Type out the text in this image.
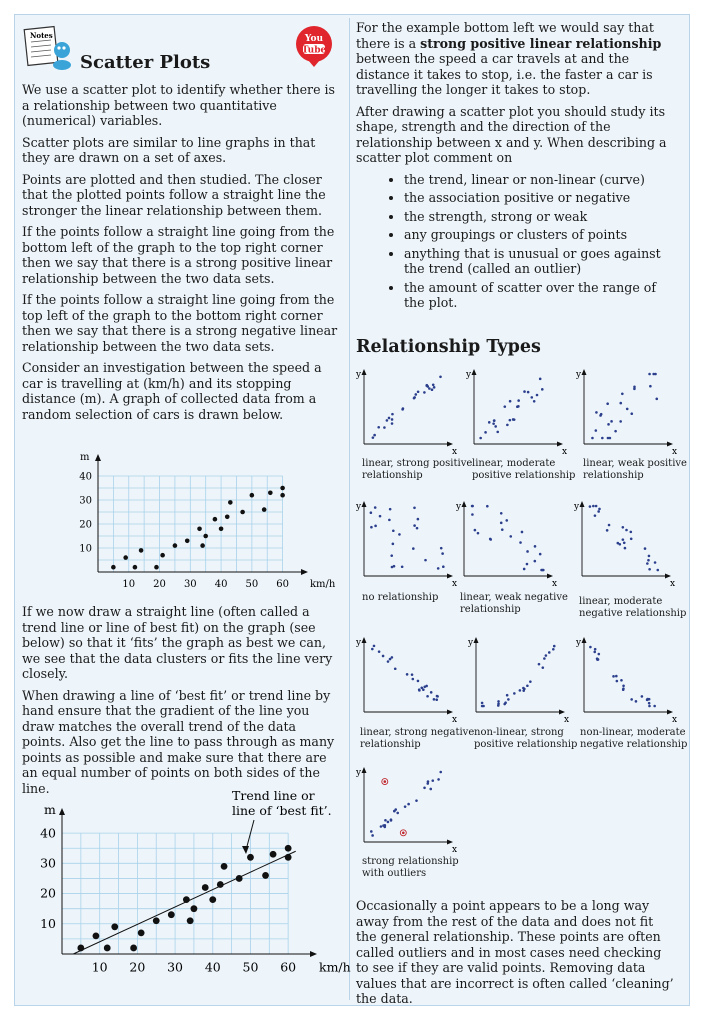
Notes
Scatter Plots
You
Tube

We use a scatter plot to identify whether there is a relationship between two quantitative (numerical) variables.

Scatter plots are similar to line graphs in that they are drawn on a set of axes.

Points are plotted and then studied. The closer that the plotted points follow a straight line the stronger the linear relationship between them.

If the points follow a straight line going from the bottom left of the graph to the top right corner then we say that there is a strong positive linear relationship between the two data sets.

If the points follow a straight line going from the top left of the graph to the bottom right corner then we say that there is a strong negative linear relationship between the two data sets.

Consider an investigation between the speed a car is travelling at (km/h) and its stopping distance (m). A graph of collected data from a random selection of cars is drawn below.

10 20 30 40 50 60
10
20
30
40
km/h
m

If we now draw a straight line (often called a trend line or line of best fit) on the graph (see below) so that it ‘fits’ the graph as best we can, we see that the data clusters or fits the line very closely.

When drawing a line of ‘best fit’ or trend line by hand ensure that the gradient of the line you draw matches the overall trend of the data points. Also get the line to pass through as many points as possible and make sure that there are an equal number of points on both sides of the line.

10 20 30 40 50 60
10
20
30
40
km/h
m
Trend line or
line of ‘best fit’.

For the example bottom left we would say that there is a strong positive linear relationship between the speed a car travels at and the distance it takes to stop, i.e. the faster a car is travelling the longer it takes to stop.

After drawing a scatter plot you should study its shape, strength and the direction of the relationship between x and y. When describing a scatter plot comment on

• the trend, linear or non-linear (curve)
• the association positive or negative
• the strength, strong or weak
• any groupings or clusters of points
• anything that is unusual or goes against the trend (called an outlier)
• the amount of scatter over the range of the plot.
Relationship Types
y
x
linear, strong positive relationship
y
x
linear, moderate positive relationship
y
x
linear, weak positive relationship
y
x
no relationship
y
x
linear, weak negative relationship
y
x
linear, moderate negative relationship
y
x
linear, strong negative relationship
y
x
non-linear, strong positive relationship
y
x
non-linear, moderate negative relationship
y
x
strong relationship with outliers

Occasionally a point appears to be a long way away from the rest of the data and does not fit the general relationship. These points are often called outliers and in most cases need checking to see if they are valid points. Removing data values that are incorrect is often called ‘cleaning’ the data.
